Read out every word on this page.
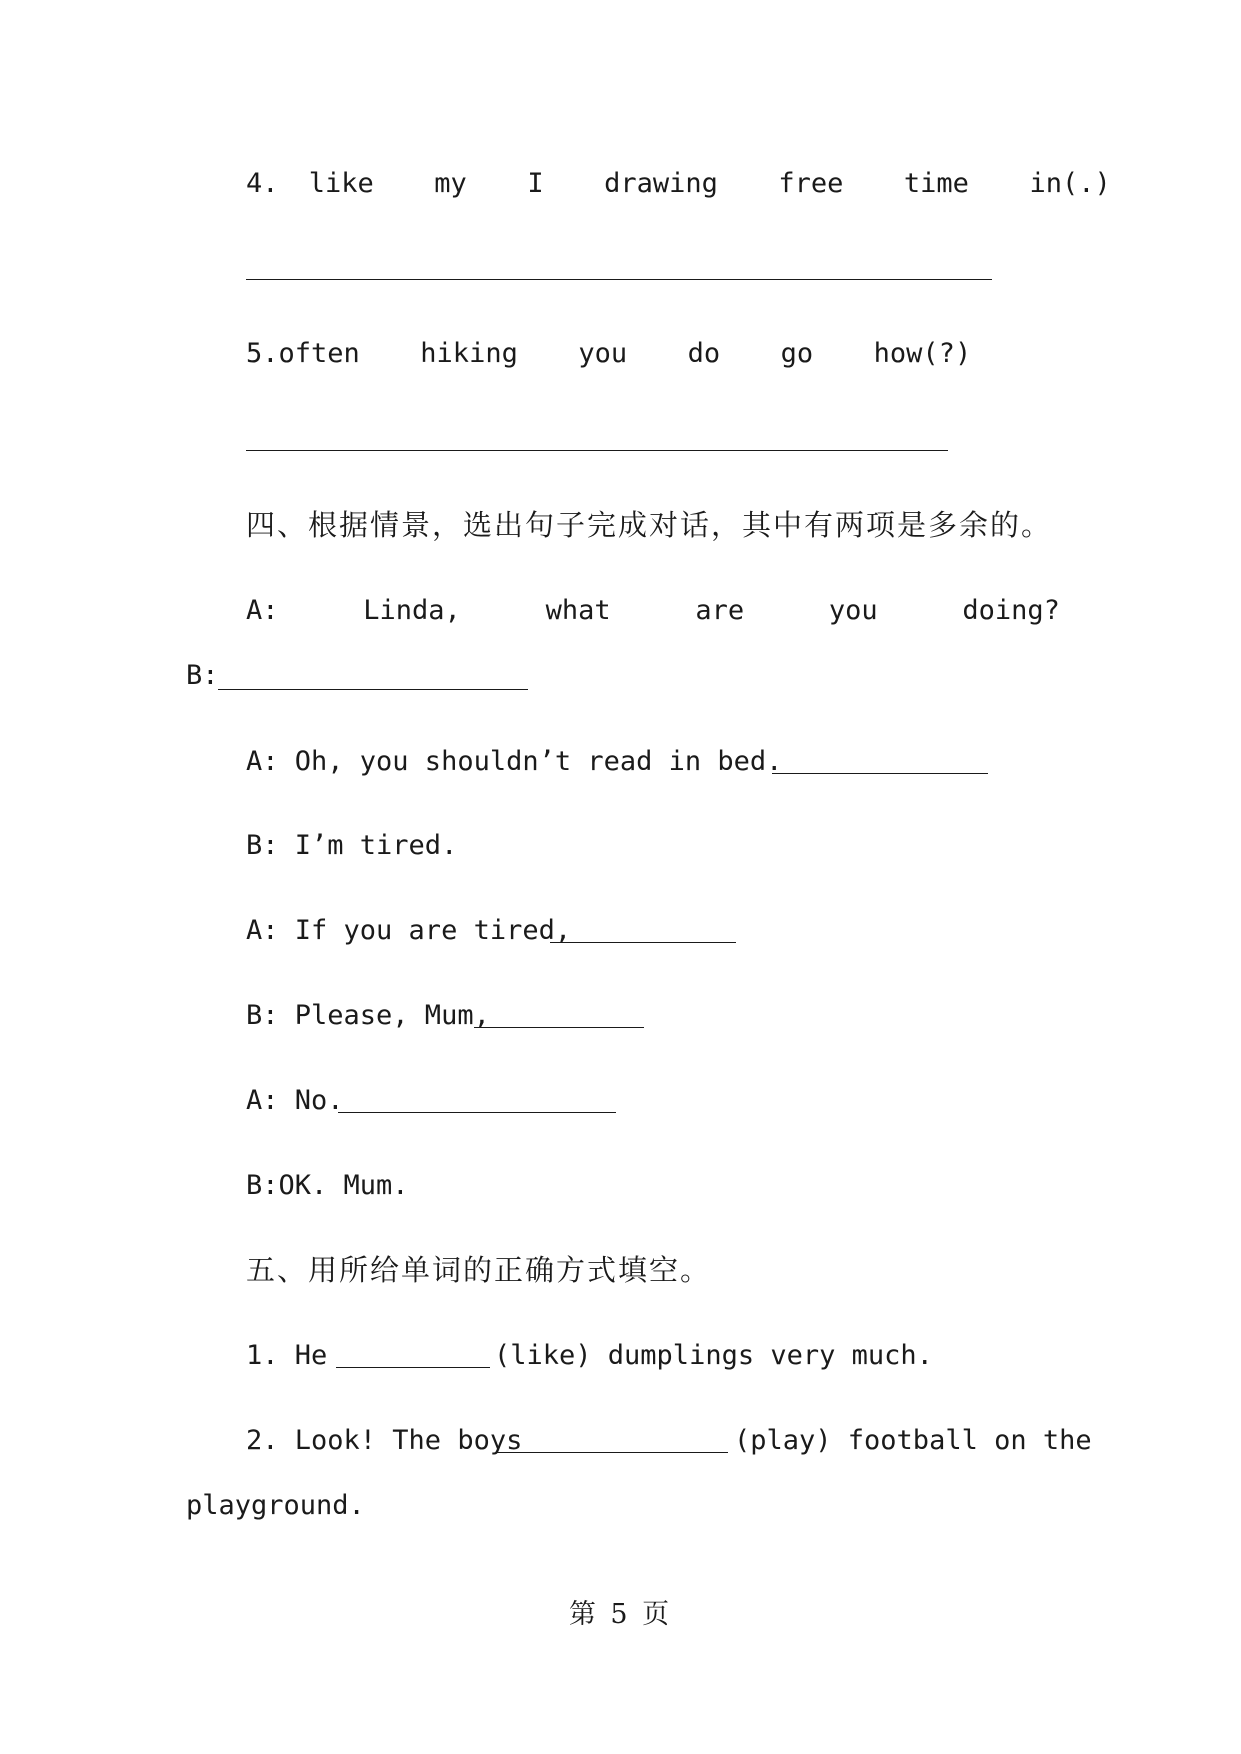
4. like  my  I  drawing  free  time  in(.)

5.often  hiking  you  do  go  how(?)

四、根据情景，选出句子完成对话，其中有两项是多余的。

A:	Linda,	what	are	you	doing?

B:

A: Oh, you shouldn’t read in bed.

B: I’m tired.

A: If you are tired,

B: Please, Mum,

A: No.

B:OK. Mum.

五、用所给单词的正确方式填空。

1. He	(like) dumplings very much.

2. Look! The boys	(play) football on the

playground.

第 5 页
